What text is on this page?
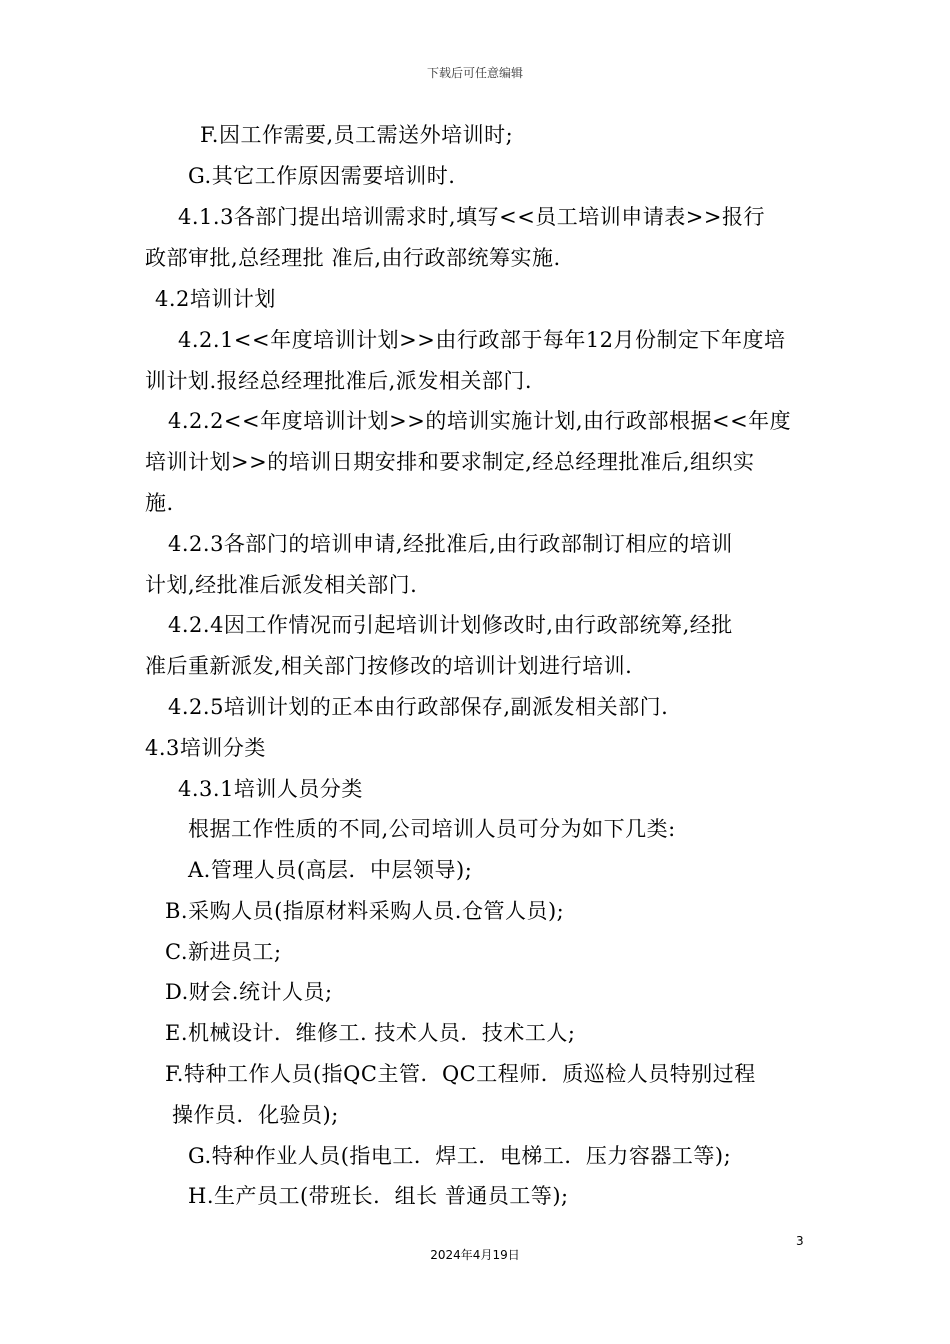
下载后可任意编辑
F.因工作需要,员工需送外培训时;
G.其它工作原因需要培训时.
4.1.3各部门提出培训需求时,填写<<员工培训申请表>>报行
政部审批,总经理批 准后,由行政部统筹实施.
4.2培训计划
4.2.1<<年度培训计划>>由行政部于每年12月份制定下年度培
训计划.报经总经理批准后,派发相关部门.
4.2.2<<年度培训计划>>的培训实施计划,由行政部根据<<年度
培训计划>>的培训日期安排和要求制定,经总经理批准后,组织实
施.
4.2.3各部门的培训申请,经批准后,由行政部制订相应的培训
计划,经批准后派发相关部门.
4.2.4因工作情况而引起培训计划修改时,由行政部统筹,经批
准后重新派发,相关部门按修改的培训计划进行培训.
4.2.5培训计划的正本由行政部保存,副派发相关部门.
4.3培训分类
4.3.1培训人员分类
根据工作性质的不同,公司培训人员可分为如下几类:
A.管理人员(高层．中层领导);
B.采购人员(指原材料采购人员.仓管人员);
C.新进员工;
D.财会.统计人员;
E.机械设计．维修工. 技术人员．技术工人;
F.特种工作人员(指QC主管．QC工程师．质巡检人员特别过程
操作员．化验员);
G.特种作业人员(指电工．焊工．电梯工．压力容器工等);
H.生产员工(带班长．组长 普通员工等);
3
2024年4月19日
